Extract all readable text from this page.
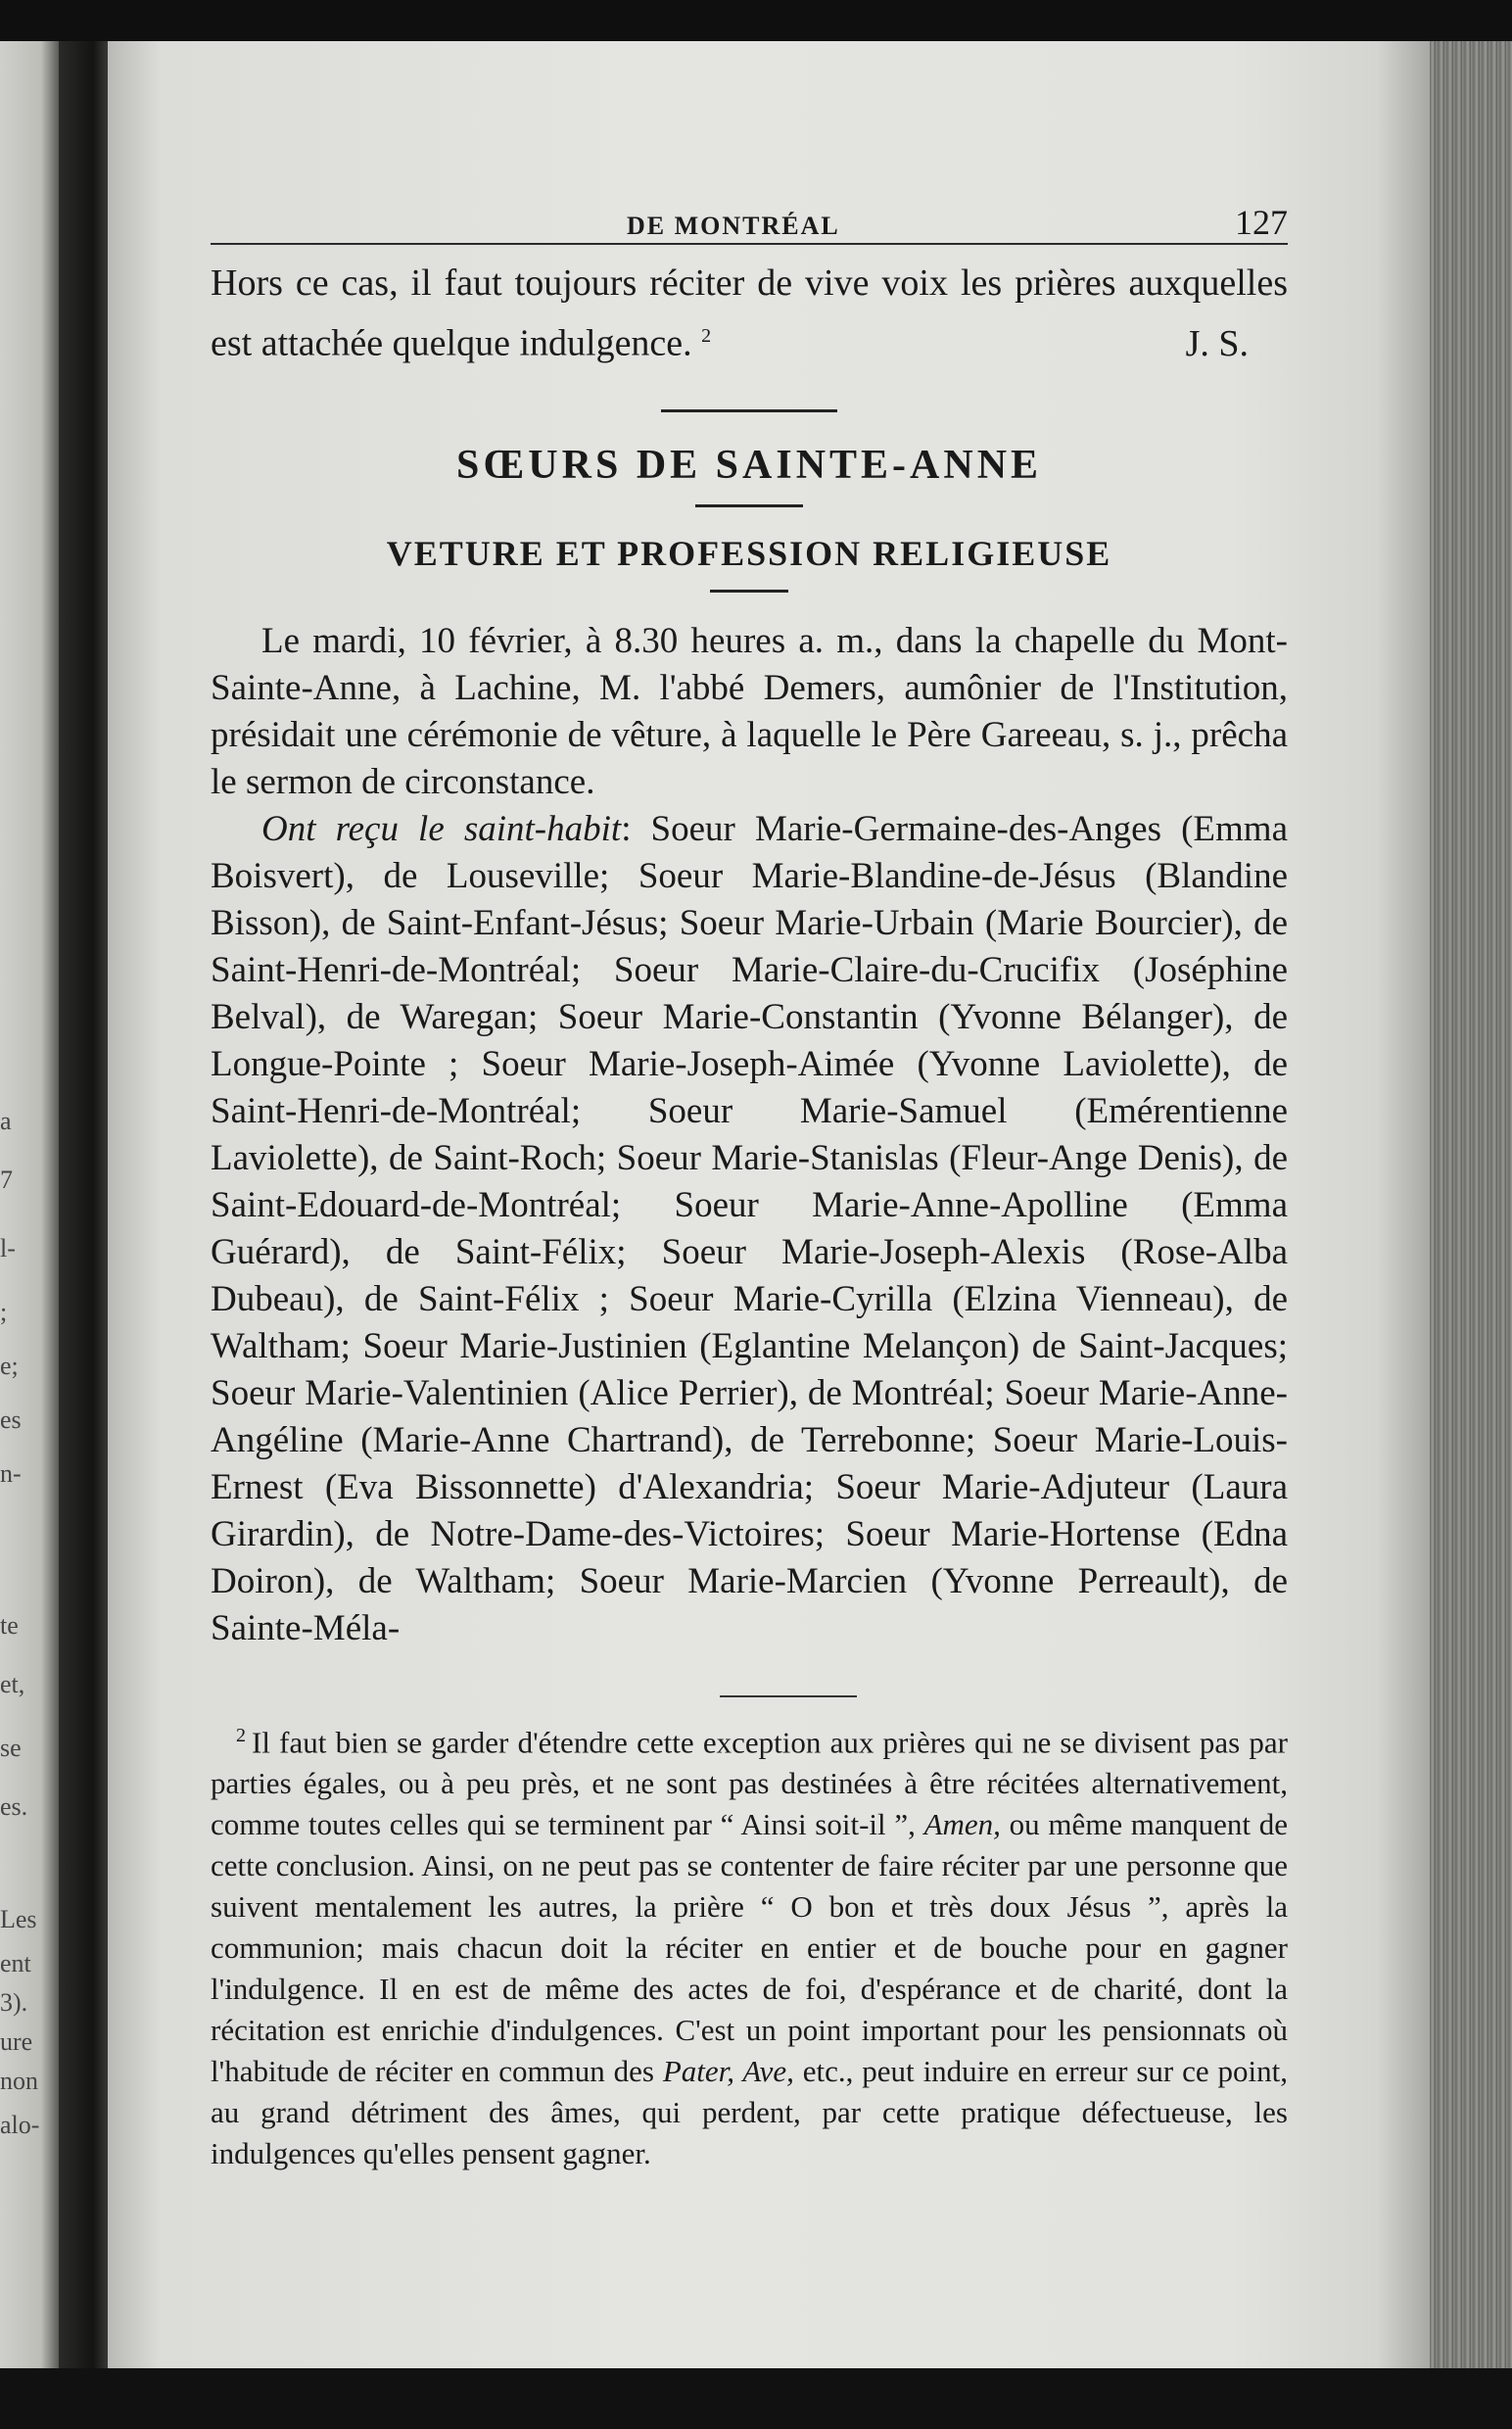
a
7
l-
;
e;
es
n-
te
et,
se
es.
Les
ent
3).
ure
non
alo-
DE MONTRÉAL	127

Hors ce cas, il faut toujours réciter de vive voix les prières auxquelles est attachée quelque indulgence. $^2$	J. S.
SŒURS DE SAINTE-ANNE
VETURE ET PROFESSION RELIGIEUSE

Le mardi, 10 février, à 8.30 heures a. m., dans la chapelle du Mont-Sainte-Anne, à Lachine, M. l'abbé Demers, aumônier de l'Institution, présidait une cérémonie de vêture, à laquelle le Père Gareeau, s. j., prêcha le sermon de circonstance.

Ont reçu le saint-habit: Soeur Marie-Germaine-des-Anges (Emma Boisvert), de Louseville; Soeur Marie-Blandine-de-Jésus (Blandine Bisson), de Saint-Enfant-Jésus; Soeur Marie-Urbain (Marie Bourcier), de Saint-Henri-de-Montréal; Soeur Marie-Claire-du-Crucifix (Joséphine Belval), de Waregan; Soeur Marie-Constantin (Yvonne Bélanger), de Longue-Pointe ; Soeur Marie-Joseph-Aimée (Yvonne Laviolette), de Saint-Henri-de-Montréal; Soeur Marie-Samuel (Emérentienne Laviolette), de Saint-Roch; Soeur Marie-Stanislas (Fleur-Ange Denis), de Saint-Edouard-de-Montréal; Soeur Marie-Anne-Apolline (Emma Guérard), de Saint-Félix; Soeur Marie-Joseph-Alexis (Rose-Alba Dubeau), de Saint-Félix ; Soeur Marie-Cyrilla (Elzina Vienneau), de Waltham; Soeur Marie-Justinien (Eglantine Melançon) de Saint-Jacques; Soeur Marie-Valentinien (Alice Perrier), de Montréal; Soeur Marie-Anne-Angéline (Marie-Anne Chartrand), de Terrebonne; Soeur Marie-Louis-Ernest (Eva Bissonnette) d'Alexandria; Soeur Marie-Adjuteur (Laura Girardin), de Notre-Dame-des-Victoires; Soeur Marie-Hortense (Edna Doiron), de Waltham; Soeur Marie-Marcien (Yvonne Perreault), de Sainte-Méla-

$^2$ Il faut bien se garder d'étendre cette exception aux prières qui ne se divisent pas par parties égales, ou à peu près, et ne sont pas destinées à être récitées alternativement, comme toutes celles qui se terminent par “ Ainsi soit-il ”, Amen, ou même manquent de cette conclusion. Ainsi, on ne peut pas se contenter de faire réciter par une personne que suivent mentalement les autres, la prière “ O bon et très doux Jésus ”, après la communion; mais chacun doit la réciter en entier et de bouche pour en gagner l'indulgence. Il en est de même des actes de foi, d'espérance et de charité, dont la récitation est enrichie d'indulgences. C'est un point important pour les pensionnats où l'habitude de réciter en commun des Pater, Ave, etc., peut induire en erreur sur ce point, au grand détriment des âmes, qui perdent, par cette pratique défectueuse, les indulgences qu'elles pensent gagner.
